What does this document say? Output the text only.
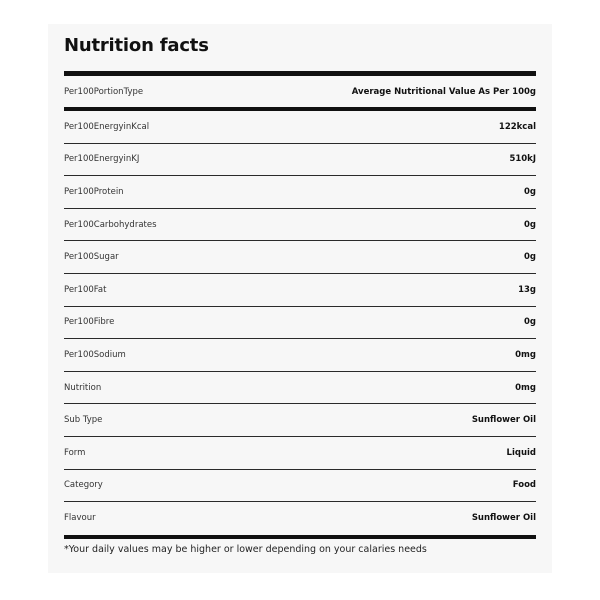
Nutrition facts
Per100PortionType	Average Nutritional Value As Per 100g
Per100EnergyinKcal	122kcal
Per100EnergyinKJ	510kJ
Per100Protein	0g
Per100Carbohydrates	0g
Per100Sugar	0g
Per100Fat	13g
Per100Fibre	0g
Per100Sodium	0mg
Nutrition	0mg
Sub Type	Sunflower Oil
Form	Liquid
Category	Food
Flavour	Sunflower Oil
*Your daily values may be higher or lower depending on your calaries needs
